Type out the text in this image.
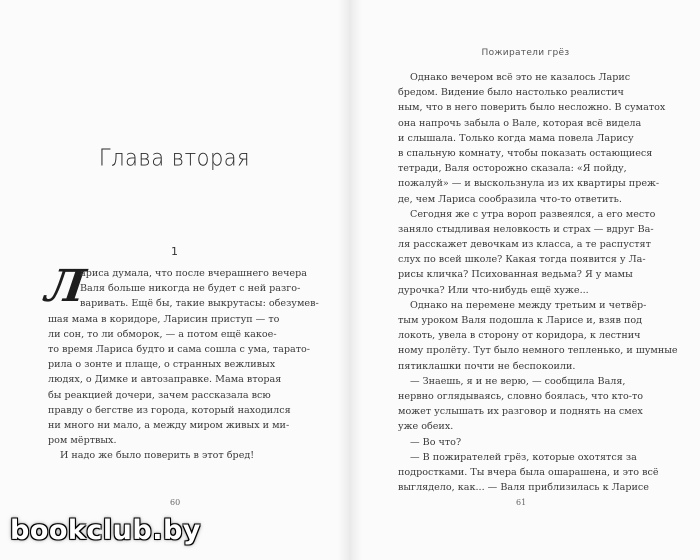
Глава вторая
1
Л
ариса думала, что после вчерашнего вечера
Валя больше никогда не будет с ней разго-
варивать. Ещё бы, такие выкрутасы: обезумев-
шая мама в коридоре, Ларисин приступ — то
ли сон, то ли обморок, — а потом ещё какое-
то время Лариса будто и сама сошла с ума, тарато-
рила о зонте и плаще, о странных вежливых
людях, о Димке и автозаправке. Мама вторая
бы реакцией дочери, зачем рассказала всю
правду о бегстве из города, который находился
ни много ни мало, а между миром живых и ми-
ром мёртвых.
И надо же было поверить в этот бред!
60
Пожиратели грёз
Однако вечером всё это не казалось Ларис
бредом. Видение было настолько реалистич
ным, что в него поверить было несложно. В суматох
она напрочь забыла о Вале, которая всё видела
и слышала. Только когда мама повела Ларису
в спальную комнату, чтобы показать остающиеся
тетради, Валя осторожно сказала: «Я пойду,
пожалуй» — и выскользнула из их квартиры преж-
де, чем Лариса сообразила что-то ответить.
Сегодня же с утра вороп развеялся, а его место
заняло стыдливая неловкость и страх — вдруг Ва-
ля расскажет девочкам из класса, а те распустят
слух по всей школе? Какая тогда появится у Ла-
рисы кличка? Психованная ведьма? Я у мамы
дурочка? Или что-нибудь ещё хуже...
Однако на перемене между третьим и четвёр-
тым уроком Валя подошла к Ларисе и, взяв под
локоть, увела в сторону от коридора, к лестнич
ному пролёту. Тут было немного тепленько, и шумные
пятиклашки почти не беспокоили.
— Знаешь, я и не верю, — сообщила Валя,
нервно оглядываясь, словно боялась, что кто-то
может услышать их разговор и поднять на смех
уже обеих.
— Во что?
— В пожирателей грёз, которые охотятся за
подростками. Ты вчера была ошарашена, и это всё
выглядело, как... — Валя приблизилась к Ларисе
61
bookclub.by
